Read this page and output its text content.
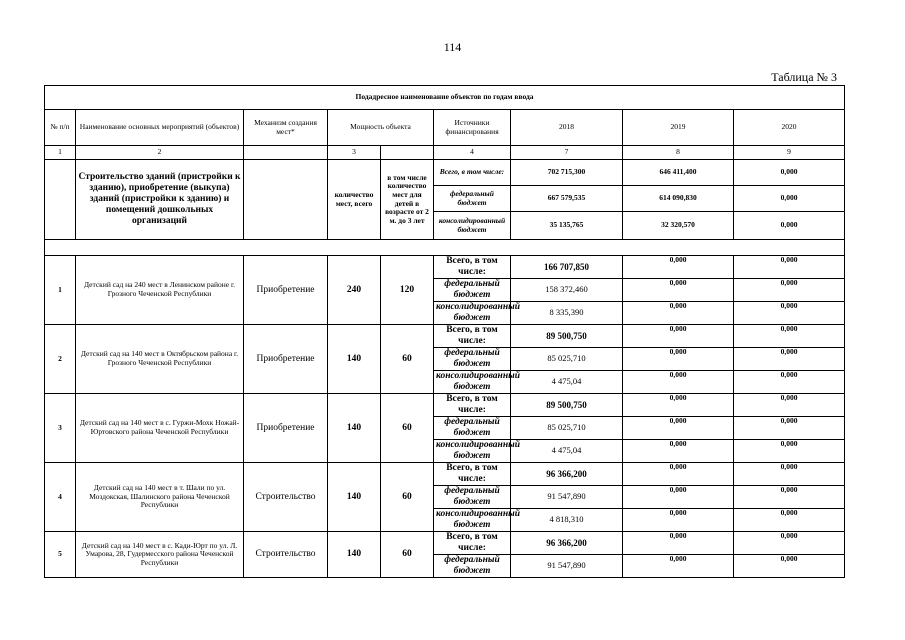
114
Таблица № 3
Подадресное наименование объектов по годам ввода								
№ п/п	Наименование основных мероприятий (объектов)	Механизм создания мест*	Мощность объекта		Источники финансирования	2018	2019	2020
1	2		3		4	7	8	9
	Строительство зданий (пристройки к зданию), приобретение (выкупа) зданий (пристройки к зданию) и помещений дошкольных организаций		количество мест, всего	в том числе количество мест для детей в возрасте от 2 м. до 3 лет	Всего, в том числе:	702 715,300	646 411,400	0,000
					федеральный бюджет	667 579,535	614 090,830	0,000
					консолидированный бюджет	35 135,765	32 320,570	0,000

1	Детский сад на 240 мест в Ленинском районе г. Грозного Чеченской Республики	Приобретение	240	120	Всего, в том числе:	166 707,850	0,000	0,000
					федеральный бюджет	158 372,460	0,000	0,000
					консолидированный бюджет	8 335,390	0,000	0,000
2	Детский сад на 140 мест в Октябрьском района г. Грозного Чеченской Республики	Приобретение	140	60	Всего, в том числе:	89 500,750	0,000	0,000
					федеральный бюджет	85 025,710	0,000	0,000
					консолидированный бюджет	4 475,04	0,000	0,000
3	Детский сад на 140 мест в с. Гуржи-Мохк Ножай-Юртовского района Чеченской Республики	Приобретение	140	60	Всего, в том числе:	89 500,750	0,000	0,000
					федеральный бюджет	85 025,710	0,000	0,000
					консолидированный бюджет	4 475,04	0,000	0,000
4	Детский сад на 140 мест в т. Шали по ул. Моздокская, Шалинского района Чеченской Республики	Строительство	140	60	Всего, в том числе:	96 366,200	0,000	0,000
					федеральный бюджет	91 547,890	0,000	0,000
					консолидированный бюджет	4 818,310	0,000	0,000
5	Детский сад на 140 мест в с. Кади-Юрт по ул. Л. Умарова, 28, Гудермесского района Чеченской Республики	Строительство	140	60	Всего, в том числе:	96 366,200	0,000	0,000
					федеральный бюджет	91 547,890	0,000	0,000
